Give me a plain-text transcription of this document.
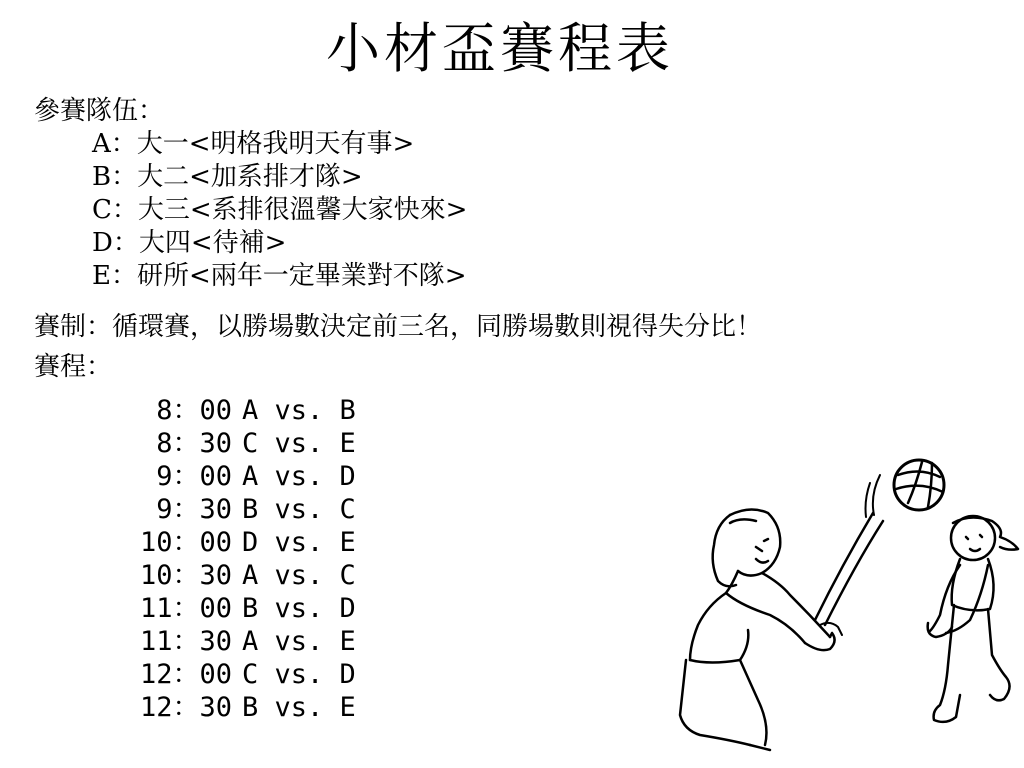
小材盃賽程表
參賽隊伍：
A：大一<明格我明天有事>
B：大二<加系排才隊>
C：大三<系排很溫馨大家快來>
D：大四<待補>
E：研所<兩年一定畢業對不隊>
賽制：循環賽，以勝場數決定前三名，同勝場數則視得失分比！
賽程：
8：00 A vs. B
8：30 C vs. E
9：00 A vs. D
9：30 B vs. C
10：00 D vs. E
10：30 A vs. C
11：00 B vs. D
11：30 A vs. E
12：00 C vs. D
12：30 B vs. E
